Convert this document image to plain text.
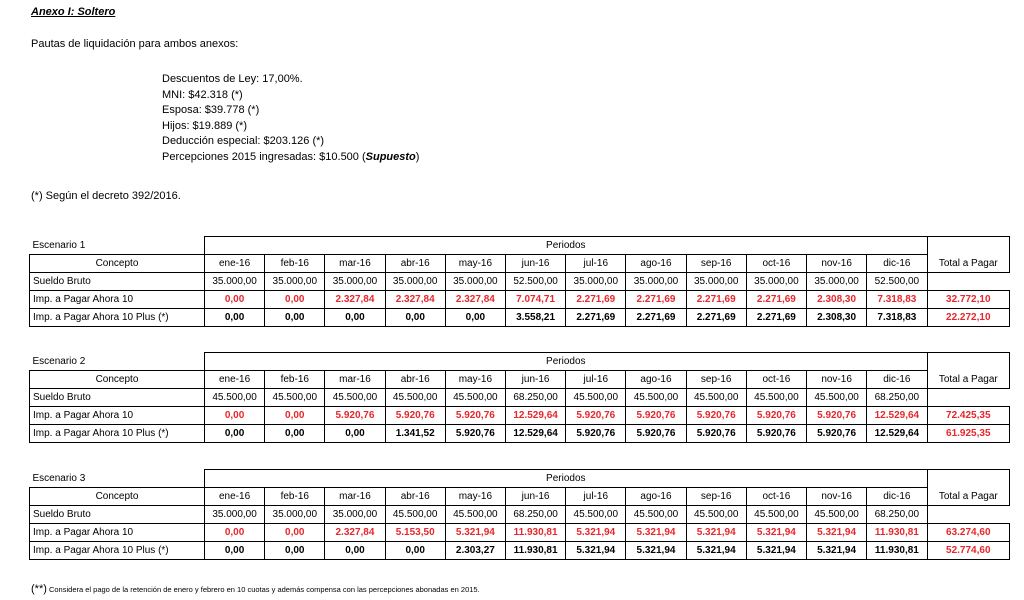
Anexo I: Soltero
Pautas de liquidación para ambos anexos:
Descuentos de Ley: 17,00%.
MNI: $42.318 (*)
Esposa: $39.778 (*)
Hijos: $19.889 (*)
Deducción especial: $203.126 (*)
Percepciones 2015 ingresadas: $10.500 (Supuesto)
(*) Según el decreto 392/2016.
Escenario 1	Periodos												
Concepto	ene-16	feb-16	mar-16	abr-16	may-16	jun-16	jul-16	ago-16	sep-16	oct-16	nov-16	dic-16	Total a Pagar
Sueldo Bruto	35.000,00	35.000,00	35.000,00	35.000,00	35.000,00	52.500,00	35.000,00	35.000,00	35.000,00	35.000,00	35.000,00	52.500,00	
Imp. a Pagar Ahora 10	0,00	0,00	2.327,84	2.327,84	2.327,84	7.074,71	2.271,69	2.271,69	2.271,69	2.271,69	2.308,30	7.318,83	32.772,10
Imp. a Pagar Ahora 10 Plus (*)	0,00	0,00	0,00	0,00	0,00	3.558,21	2.271,69	2.271,69	2.271,69	2.271,69	2.308,30	7.318,83	22.272,10
Escenario 2	Periodos												
Concepto	ene-16	feb-16	mar-16	abr-16	may-16	jun-16	jul-16	ago-16	sep-16	oct-16	nov-16	dic-16	Total a Pagar
Sueldo Bruto	45.500,00	45.500,00	45.500,00	45.500,00	45.500,00	68.250,00	45.500,00	45.500,00	45.500,00	45.500,00	45.500,00	68.250,00	
Imp. a Pagar Ahora 10	0,00	0,00	5.920,76	5.920,76	5.920,76	12.529,64	5.920,76	5.920,76	5.920,76	5.920,76	5.920,76	12.529,64	72.425,35
Imp. a Pagar Ahora 10 Plus (*)	0,00	0,00	0,00	1.341,52	5.920,76	12.529,64	5.920,76	5.920,76	5.920,76	5.920,76	5.920,76	12.529,64	61.925,35
Escenario 3	Periodos												
Concepto	ene-16	feb-16	mar-16	abr-16	may-16	jun-16	jul-16	ago-16	sep-16	oct-16	nov-16	dic-16	Total a Pagar
Sueldo Bruto	35.000,00	35.000,00	35.000,00	45.500,00	45.500,00	68.250,00	45.500,00	45.500,00	45.500,00	45.500,00	45.500,00	68.250,00	
Imp. a Pagar Ahora 10	0,00	0,00	2.327,84	5.153,50	5.321,94	11.930,81	5.321,94	5.321,94	5.321,94	5.321,94	5.321,94	11.930,81	63.274,60
Imp. a Pagar Ahora 10 Plus (*)	0,00	0,00	0,00	0,00	2.303,27	11.930,81	5.321,94	5.321,94	5.321,94	5.321,94	5.321,94	11.930,81	52.774,60
(**) Considera el pago de la retención de enero y febrero en 10 cuotas y además compensa con las percepciones abonadas en 2015.
